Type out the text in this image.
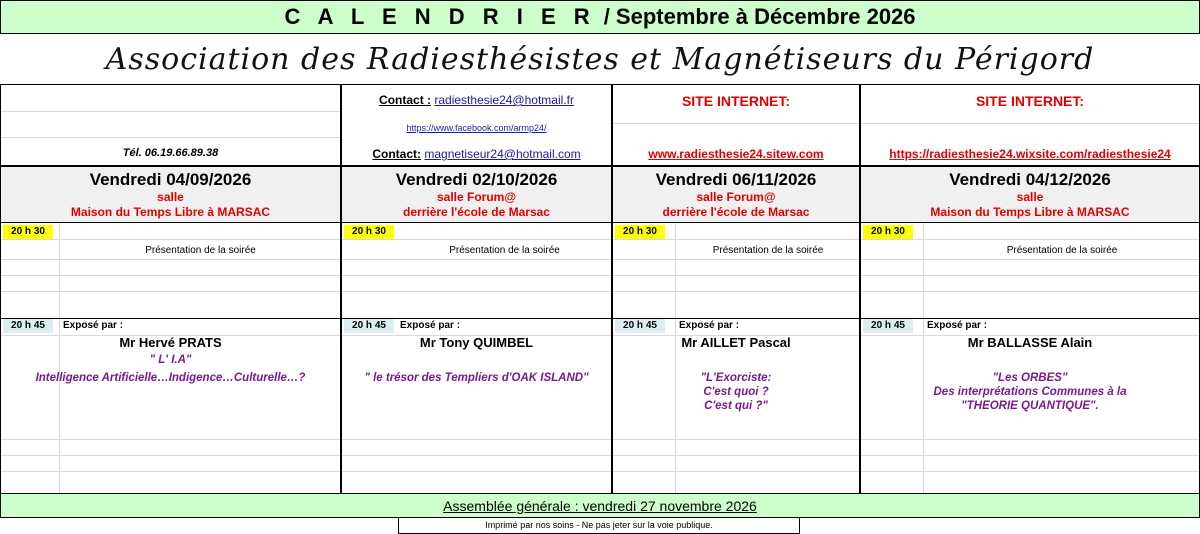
C A L E N D R I E R / Septembre à Décembre 2026
Association des Radiesthésistes et Magnétiseurs du Périgord
Tél. 06.19.66.89.38
Vendredi 04/09/2026
salle
Maison du Temps Libre à MARSAC
20 h 30
Présentation de la soirée
20 h 45	Exposé par :
Mr Hervé PRATS
" L' I.A"
Intelligence Artificielle…Indigence…Culturelle…?
Contact : radiesthesie24@hotmail.fr
https://www.facebook.com/armp24/
Contact: magnetiseur24@hotmail.com
Vendredi 02/10/2026
salle Forum@
derrière l'école de Marsac
20 h 30
Présentation de la soirée
20 h 45	Exposé par :
Mr Tony QUIMBEL
" le trésor des Templiers d'OAK ISLAND"
SITE INTERNET:
www.radiesthesie24.sitew.com
Vendredi 06/11/2026
salle Forum@
derrière l'école de Marsac
20 h 30
Présentation de la soirée
20 h 45	Exposé par :
Mr AILLET Pascal
"L'Exorciste:
C'est quoi ?
C'est qui ?"
SITE INTERNET:
https://radiesthesie24.wixsite.com/radiesthesie24
Vendredi 04/12/2026
salle
Maison du Temps Libre à MARSAC
20 h 30
Présentation de la soirée
20 h 45	Exposé par :
Mr BALLASSE Alain
"Les ORBES"
Des interprétations Communes à la
"THEORIE QUANTIQUE".
Assemblée générale : vendredi 27 novembre 2026
Imprimé par nos soins - Ne pas jeter sur la voie publique.
